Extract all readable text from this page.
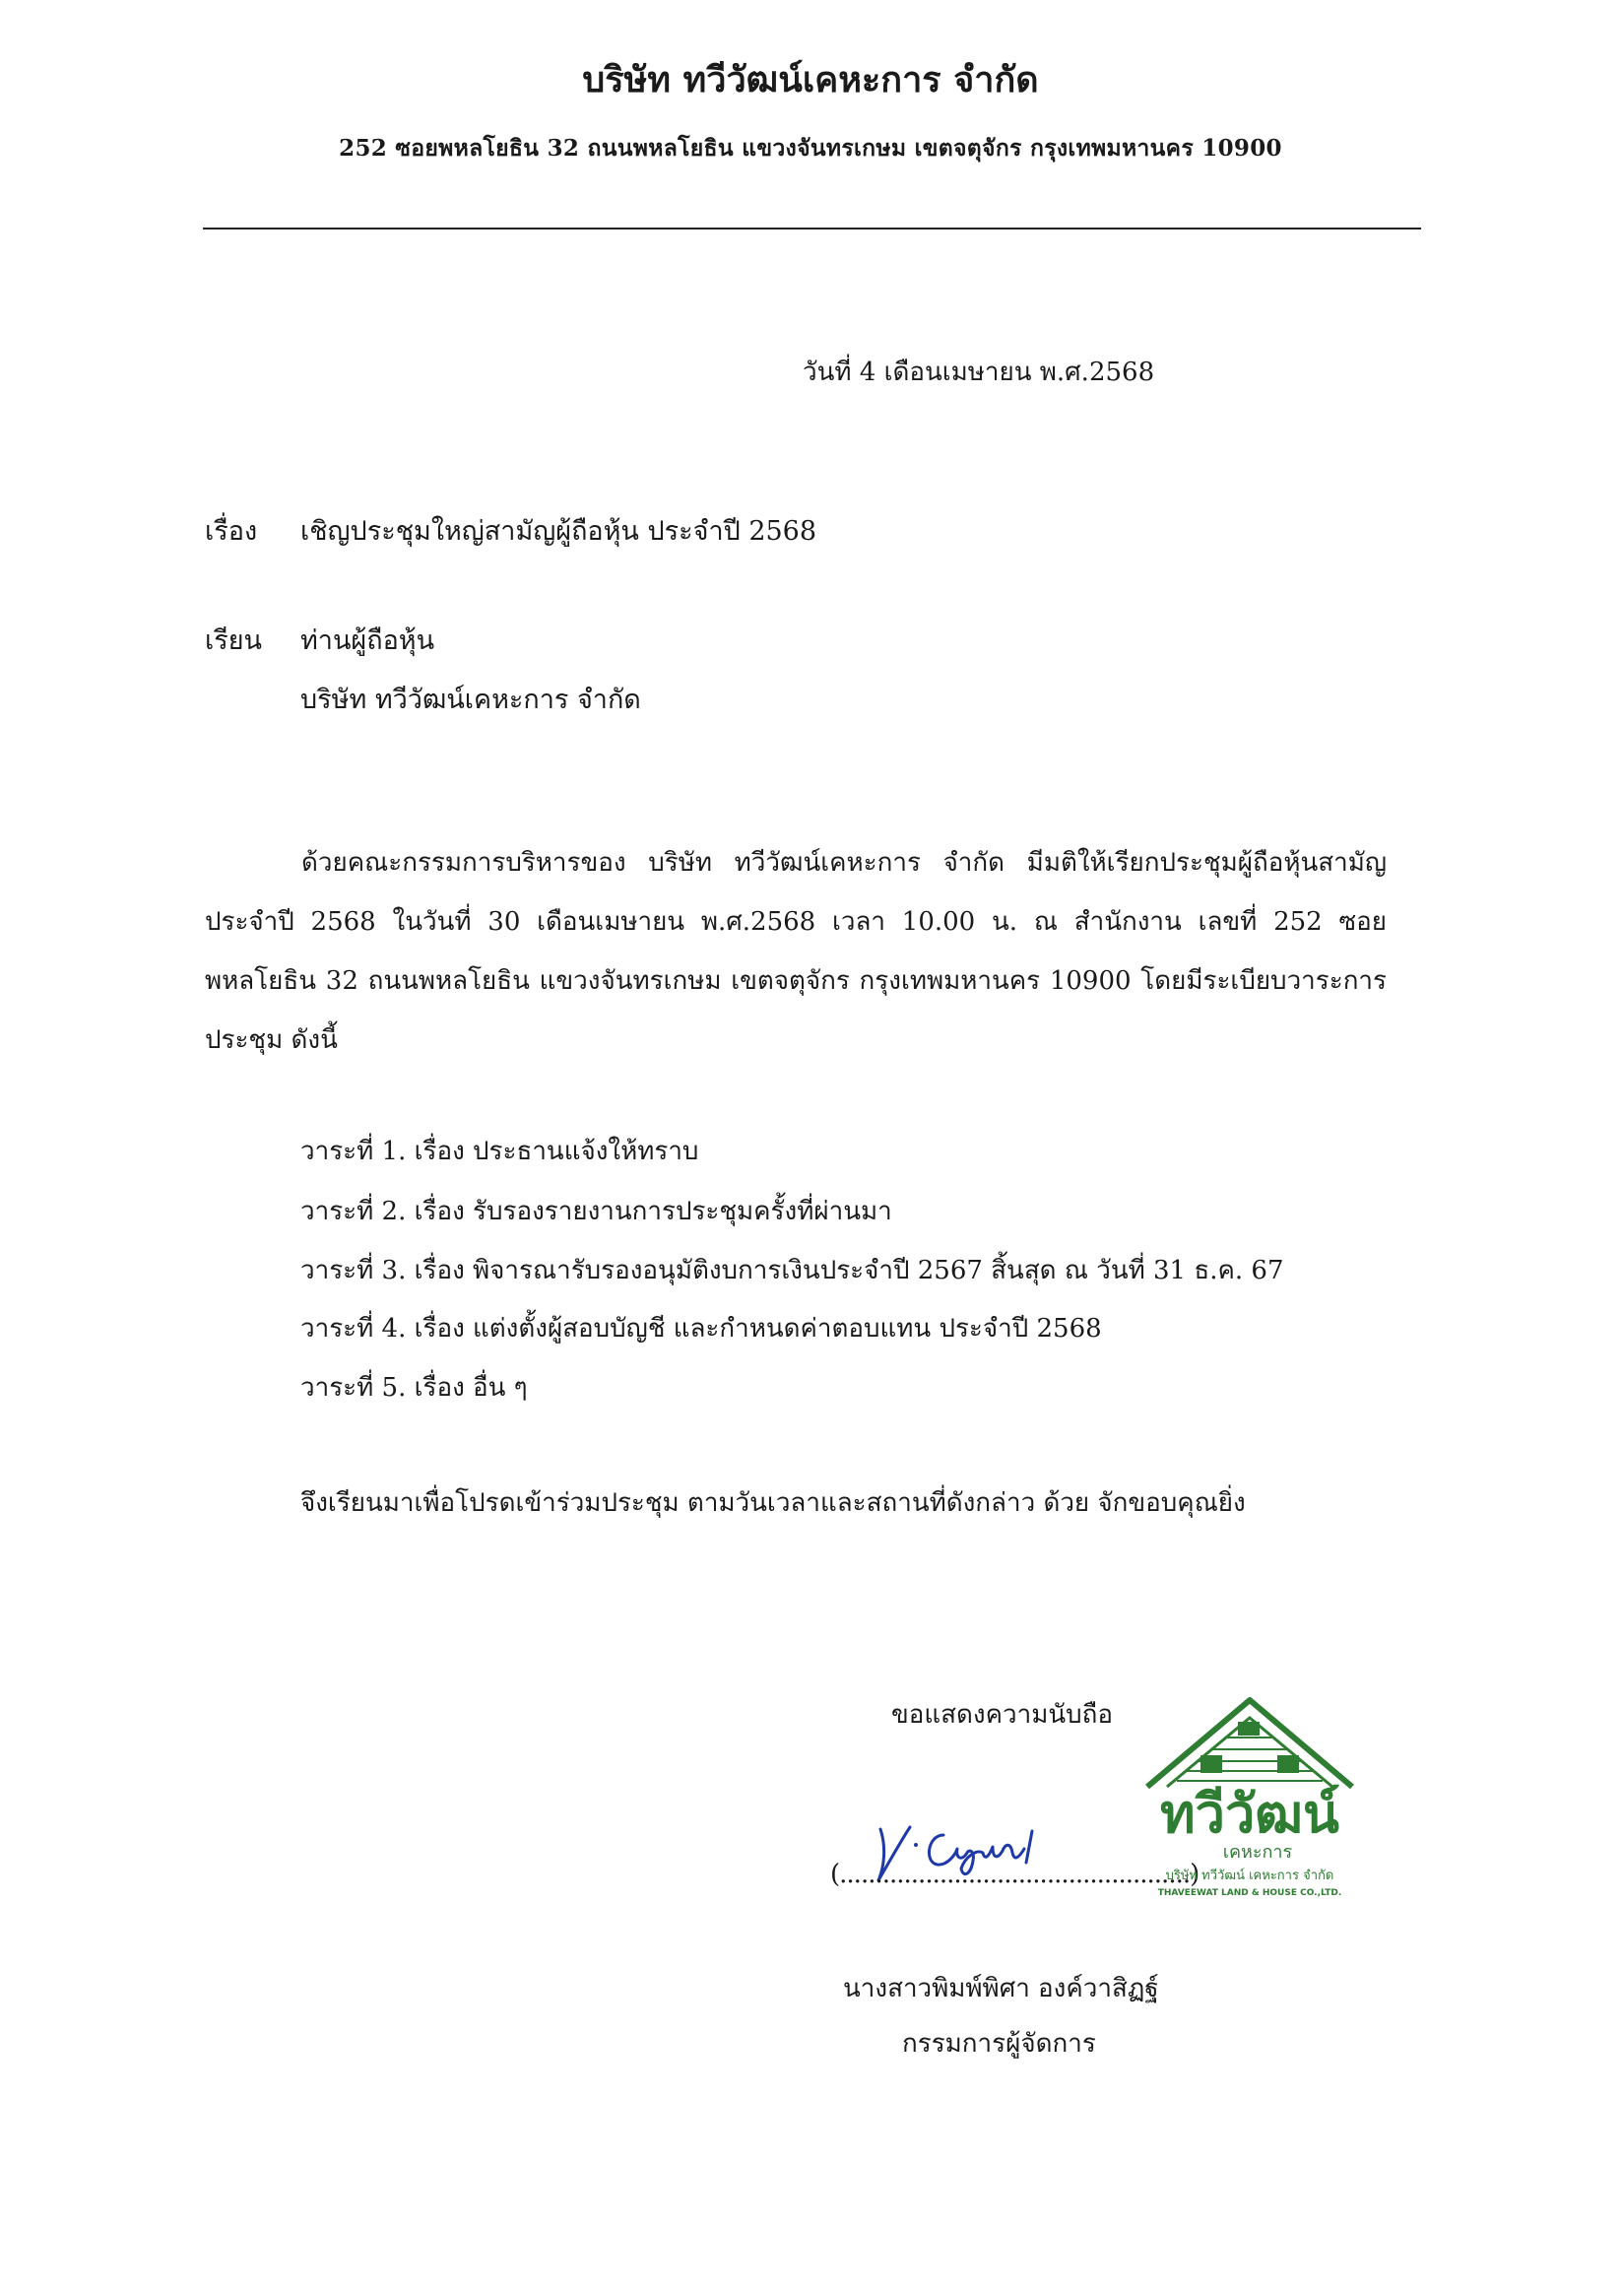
บริษัท ทวีวัฒน์เคหะการ จำกัด
252 ซอยพหลโยธิน 32 ถนนพหลโยธิน แขวงจันทรเกษม เขตจตุจักร กรุงเทพมหานคร 10900
วันที่ 4 เดือนเมษายน พ.ศ.2568
เรื่อง เชิญประชุมใหญ่สามัญผู้ถือหุ้น ประจำปี 2568
เรียน ท่านผู้ถือหุ้น
บริษัท ทวีวัฒน์เคหะการ จำกัด
ด้วยคณะกรรมการบริหารของ บริษัท ทวีวัฒน์เคหะการ จำกัด มีมติให้เรียกประชุมผู้ถือหุ้นสามัญประจำปี 2568 ในวันที่ 30 เดือนเมษายน พ.ศ.2568 เวลา 10.00 น. ณ สำนักงาน เลขที่ 252 ซอยพหลโยธิน 32 ถนนพหลโยธิน แขวงจันทรเกษม เขตจตุจักร กรุงเทพมหานคร 10900 โดยมีระเบียบวาระการประชุม ดังนี้
วาระที่ 1. เรื่อง ประธานแจ้งให้ทราบ
วาระที่ 2. เรื่อง รับรองรายงานการประชุมครั้งที่ผ่านมา
วาระที่ 3. เรื่อง พิจารณารับรองอนุมัติงบการเงินประจำปี 2567 สิ้นสุด ณ วันที่ 31 ธ.ค. 67
วาระที่ 4. เรื่อง แต่งตั้งผู้สอบบัญชี และกำหนดค่าตอบแทน ประจำปี 2568
วาระที่ 5. เรื่อง อื่น ๆ
จึงเรียนมาเพื่อโปรดเข้าร่วมประชุม ตามวันเวลาและสถานที่ดังกล่าว ด้วย จักขอบคุณยิ่ง
ขอแสดงความนับถือ
(.................................................)
นางสาวพิมพ์พิศา องค์วาสิฏฐ์
กรรมการผู้จัดการ
ทวีวัฒน์
เคหะการ
บริษัท ทวีวัฒน์ เคหะการ จำกัด
THAVEEWAT LAND & HOUSE CO.,LTD.
